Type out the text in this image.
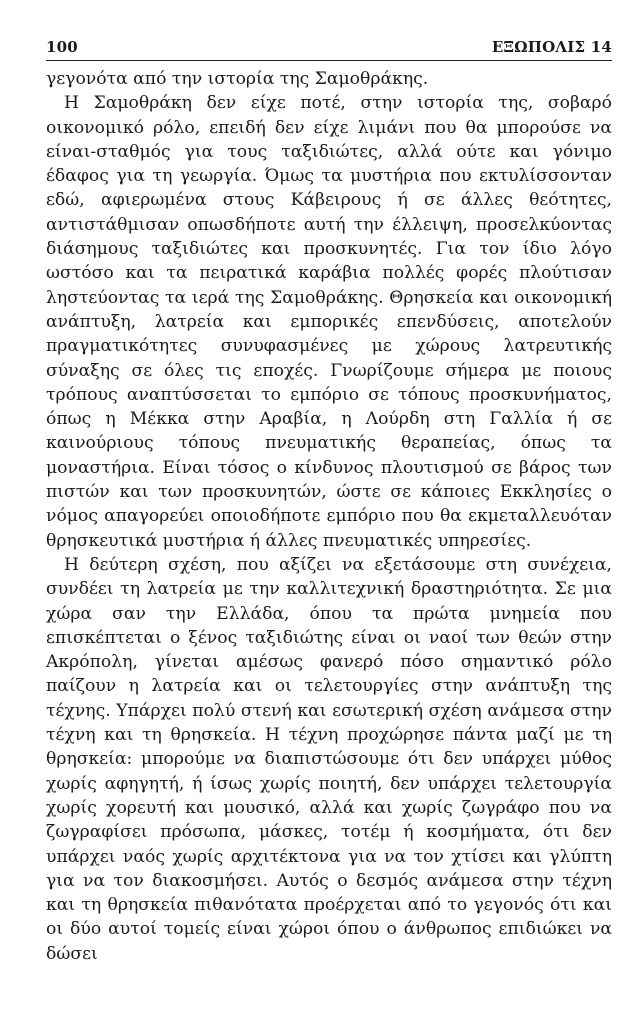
100	ΕΞΩΠΟΛΙΣ 14

γεγονότα από την ιστορία της Σαμοθράκης.

Η Σαμοθράκη δεν είχε ποτέ, στην ιστορία της, σοβαρό οικονομικό ρόλο, επειδή δεν είχε λιμάνι που θα μπορούσε να είναι-σταθμός για τους ταξιδιώτες, αλλά ούτε και γόνιμο έδαφος για τη γεωργία. Όμως τα μυστήρια που εκτυλίσσονταν εδώ, αφιερωμένα στους Κάβειρους ή σε άλλες θεότητες, αντιστάθμισαν οπωσδήποτε αυτή την έλλειψη, προσελκύοντας διάσημους ταξιδιώτες και προσκυνητές. Για τον ίδιο λόγο ωστόσο και τα πειρατικά καράβια πολλές φορές πλούτισαν ληστεύοντας τα ιερά της Σαμοθράκης. Θρησκεία και οικονομική ανάπτυξη, λατρεία και εμπορικές επενδύσεις, αποτελούν πραγματικότητες συνυφασμένες με χώρους λατρευτικής σύναξης σε όλες τις εποχές. Γνωρίζουμε σήμερα με ποιους τρόπους αναπτύσσεται το εμπόριο σε τόπους προσκυνήματος, όπως η Μέκκα στην Αραβία, η Λούρδη στη Γαλλία ή σε καινούριους τόπους πνευματικής θεραπείας, όπως τα μοναστήρια. Είναι τόσος ο κίνδυνος πλουτισμού σε βάρος των πιστών και των προσκυνητών, ώστε σε κάποιες Εκκλησίες ο νόμος απαγορεύει οποιοδήποτε εμπόριο που θα εκμεταλλευόταν θρησκευτικά μυστήρια ή άλλες πνευματικές υπηρεσίες.

Η δεύτερη σχέση, που αξίζει να εξετάσουμε στη συνέχεια, συνδέει τη λατρεία με την καλλιτεχνική δραστηριότητα. Σε μια χώρα σαν την Ελλάδα, όπου τα πρώτα μνημεία που επισκέπτεται ο ξένος ταξιδιώτης είναι οι ναοί των θεών στην Ακρόπολη, γίνεται αμέσως φανερό πόσο σημαντικό ρόλο παίζουν η λατρεία και οι τελετουργίες στην ανάπτυξη της τέχνης. Υπάρχει πολύ στενή και εσωτερική σχέση ανάμεσα στην τέχνη και τη θρησκεία. Η τέχνη προχώρησε πάντα μαζί με τη θρησκεία: μπορούμε να διαπιστώσουμε ότι δεν υπάρχει μύθος χωρίς αφηγητή, ή ίσως χωρίς ποιητή, δεν υπάρχει τελετουργία χωρίς χορευτή και μουσικό, αλλά και χωρίς ζωγράφο που να ζωγραφίσει πρόσωπα, μάσκες, τοτέμ ή κοσμήματα, ότι δεν υπάρχει ναός χωρίς αρχιτέκτονα για να τον χτίσει και γλύπτη για να τον διακοσμήσει. Αυτός ο δεσμός ανάμεσα στην τέχνη και τη θρησκεία πιθανότατα προέρχεται από το γεγονός ότι και οι δύο αυτοί τομείς είναι χώροι όπου ο άνθρωπος επιδιώκει να δώσει
